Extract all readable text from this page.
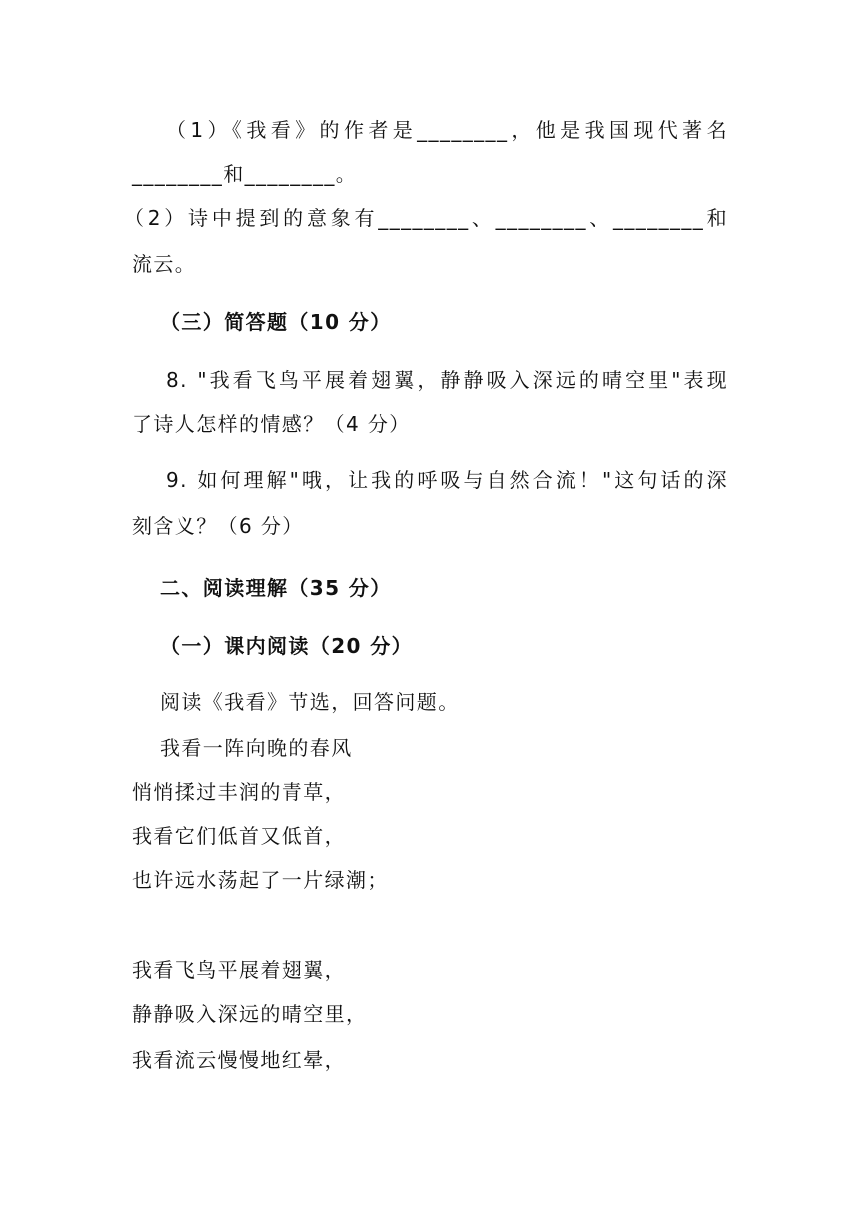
（1）《我看》的作者是________，他是我国现代著名
________和________。
（2）诗中提到的意象有________、________、________和
流云。
（三）简答题（10 分）
8. "我看飞鸟平展着翅翼，静静吸入深远的晴空里"表现
了诗人怎样的情感？（4 分）
9. 如何理解"哦，让我的呼吸与自然合流！"这句话的深
刻含义？（6 分）
二、阅读理解（35 分）
（一）课内阅读（20 分）
阅读《我看》节选，回答问题。
我看一阵向晚的春风
悄悄揉过丰润的青草，
我看它们低首又低首，
也许远水荡起了一片绿潮；
我看飞鸟平展着翅翼，
静静吸入深远的晴空里，
我看流云慢慢地红晕，
